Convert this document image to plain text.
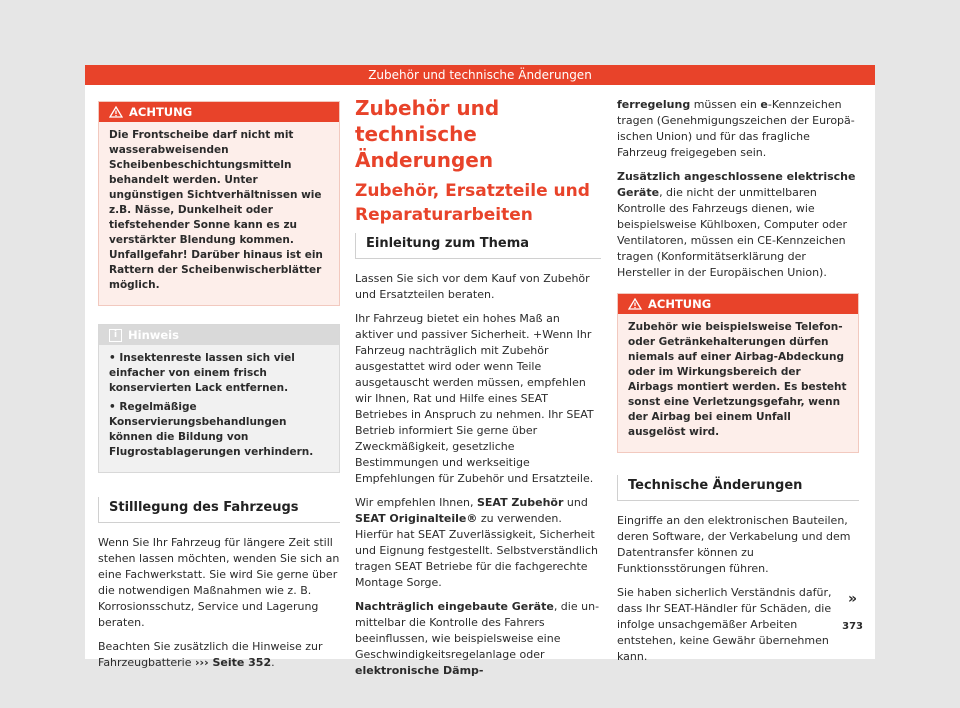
Zubehör und technische Änderungen
ACHTUNG

Die Frontscheibe darf nicht mit wasserabweisenden Scheibenbeschichtungsmitteln behandelt werden. Unter ungünstigen Sichtverhältnissen wie z.B. Nässe, Dunkelheit oder tiefstehender Sonne kann es zu verstärkter Blendung kommen. Unfallgefahr! Darüber hinaus ist ein Rattern der Scheibenwischerblätter möglich.

i Hinweis

• Insektenreste lassen sich viel einfacher von einem frisch konservierten Lack entfernen.

• Regelmäßige Konservierungsbehandlungen können die Bildung von Flugrostablagerungen verhindern.

Stilllegung des Fahrzeugs

Wenn Sie Ihr Fahrzeug für längere Zeit still stehen lassen möchten, wenden Sie sich an eine Fachwerkstatt. Sie wird Sie gerne über die notwendigen Maßnahmen wie z. B. Korrosionsschutz, Service und Lagerung beraten.

Beachten Sie zusätzlich die Hinweise zur Fahrzeugbatterie ››› Seite 352.

Zubehör und technische Änderungen
Zubehör, Ersatzteile und Reparaturarbeiten
Einleitung zum Thema

Lassen Sie sich vor dem Kauf von Zubehör und Ersatzteilen beraten.

Ihr Fahrzeug bietet ein hohes Maß an aktiver und passiver Sicherheit. +Wenn Ihr Fahrzeug nachträglich mit Zubehör ausgestattet wird oder wenn Teile ausgetauscht werden müssen, empfehlen wir Ihnen, Rat und Hilfe eines SEAT Betriebes in Anspruch zu nehmen. Ihr SEAT Betrieb informiert Sie gerne über Zweckmäßigkeit, gesetzliche Bestimmungen und werkseitige Empfehlungen für Zubehör und Ersatzteile.

Wir empfehlen Ihnen, SEAT Zubehör und SEAT Originalteile® zu verwenden. Hierfür hat SEAT Zuverlässigkeit, Sicherheit und Eignung festgestellt. Selbstverständlich tragen SEAT Betriebe für die fachgerechte Montage Sorge.

Nachträglich eingebaute Geräte, die unmittelbar die Kontrolle des Fahrers beeinflussen, wie beispielsweise eine Geschwindigkeitsregelanlage oder elektronische Dämp-

ferregelung müssen ein e-Kennzeichen tragen (Genehmigungszeichen der Europäischen Union) und für das fragliche Fahrzeug freigegeben sein.

Zusätzlich angeschlossene elektrische Geräte, die nicht der unmittelbaren Kontrolle des Fahrzeugs dienen, wie beispielsweise Kühlboxen, Computer oder Ventilatoren, müssen ein CE-Kennzeichen tragen (Konformitätserklärung der Hersteller in der Europäischen Union).

ACHTUNG

Zubehör wie beispielsweise Telefon- oder Getränkehalterungen dürfen niemals auf einer Airbag-Abdeckung oder im Wirkungsbereich der Airbags montiert werden. Es besteht sonst eine Verletzungsgefahr, wenn der Airbag bei einem Unfall ausgelöst wird.

Technische Änderungen

Eingriffe an den elektronischen Bauteilen, deren Software, der Verkabelung und dem Datentransfer können zu Funktionsstörungen führen.

Sie haben sicherlich Verständnis dafür, dass Ihr SEAT-Händler für Schäden, die infolge unsachgemäßer Arbeiten entstehen, keine Gewähr übernehmen kann.

»
373
